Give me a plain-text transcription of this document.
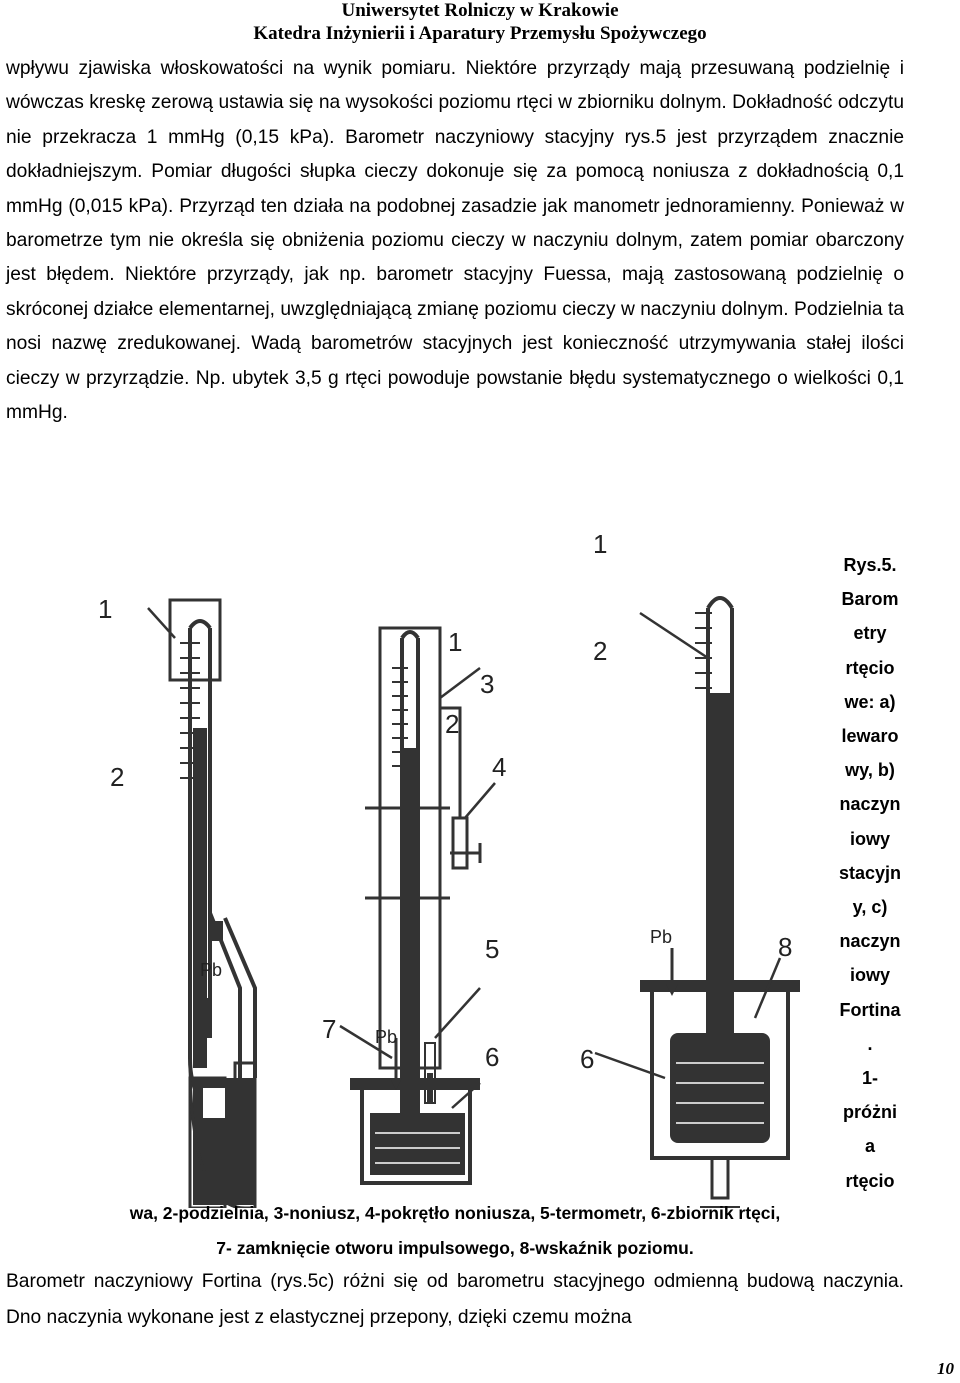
Uniwersytet Rolniczy w Krakowie
Katedra Inżynierii i Aparatury Przemysłu Spożywczego

wpływu zjawiska włoskowatości na wynik pomiaru. Niektóre przyrządy mają przesuwaną podzielnię i wówczas kreskę zerową ustawia się na wysokości poziomu rtęci w zbiorniku dolnym. Dokładność odczytu nie przekracza 1 mmHg (0,15 kPa). Barometr naczyniowy stacyjny rys.5 jest przyrządem znacznie dokładniejszym. Pomiar długości słupka cieczy dokonuje się za pomocą noniusza z dokładnością 0,1 mmHg (0,015 kPa). Przyrząd ten działa na podobnej zasadzie jak manometr jednoramienny. Ponieważ w barometrze tym nie określa się obniżenia poziomu cieczy w naczyniu dolnym, zatem pomiar obarczony jest błędem. Niektóre przyrządy, jak np. barometr stacyjny Fuessa, mają zastosowaną podzielnię o skróconej działce elementarnej, uwzględniającą zmianę poziomu cieczy w naczyniu dolnym. Podzielnia ta nosi nazwę zredukowanej. Wadą barometrów stacyjnych jest konieczność utrzymywania stałej ilości cieczy w przyrządzie. Np. ubytek 3,5 g rtęci powoduje powstanie błędu systematycznego o wielkości 0,1 mmHg.

1
2
Pb
1
2
3
4
5
6
7 Pb
1
2
6
8
Pb
Rys.5.
Barom
etry
rtęcio
we: a)
lewaro
wy, b)
naczyn
iowy
stacyjn
y, c)
naczyn
iowy
Fortina
.
1-
próżni
a
rtęcio
wa, 2-podzielnia, 3-noniusz, 4-pokrętło noniusza, 5-termometr, 6-zbiornik rtęci,
7- zamknięcie otworu impulsowego, 8-wskaźnik poziomu.

Barometr naczyniowy Fortina (rys.5c) różni się od barometru stacyjnego odmienną budową naczynia. Dno naczynia wykonane jest z elastycznej przepony, dzięki czemu można

10
